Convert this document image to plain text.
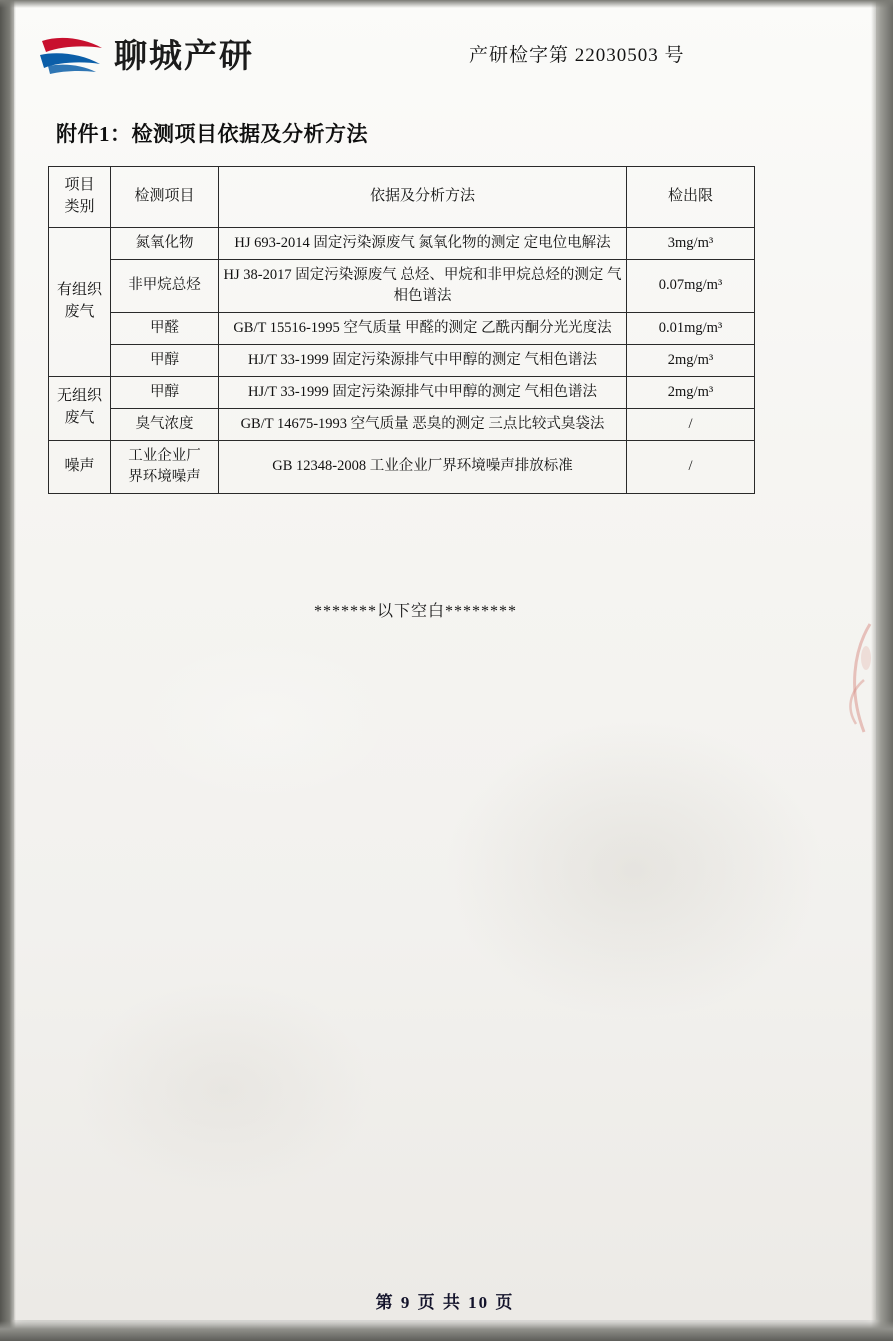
聊城产研	产研检字第 22030503 号
附件1：检测项目依据及分析方法
项目
类别	检测项目	依据及分析方法	检出限
有组织
废气	氮氧化物	HJ 693-2014 固定污染源废气 氮氧化物的测定 定电位电解法	3mg/m³
	非甲烷总烃	HJ 38-2017 固定污染源废气 总烃、甲烷和非甲烷总烃的测定 气相色谱法	0.07mg/m³
	甲醛	GB/T 15516-1995 空气质量 甲醛的测定 乙酰丙酮分光光度法	0.01mg/m³
	甲醇	HJ/T 33-1999 固定污染源排气中甲醇的测定 气相色谱法	2mg/m³
无组织
废气	甲醇	HJ/T 33-1999 固定污染源排气中甲醇的测定 气相色谱法	2mg/m³
	臭气浓度	GB/T 14675-1993 空气质量 恶臭的测定 三点比较式臭袋法	/
噪声	工业企业厂
界环境噪声	GB 12348-2008 工业企业厂界环境噪声排放标准	/
*******以下空白********
第 9 页 共 10 页
